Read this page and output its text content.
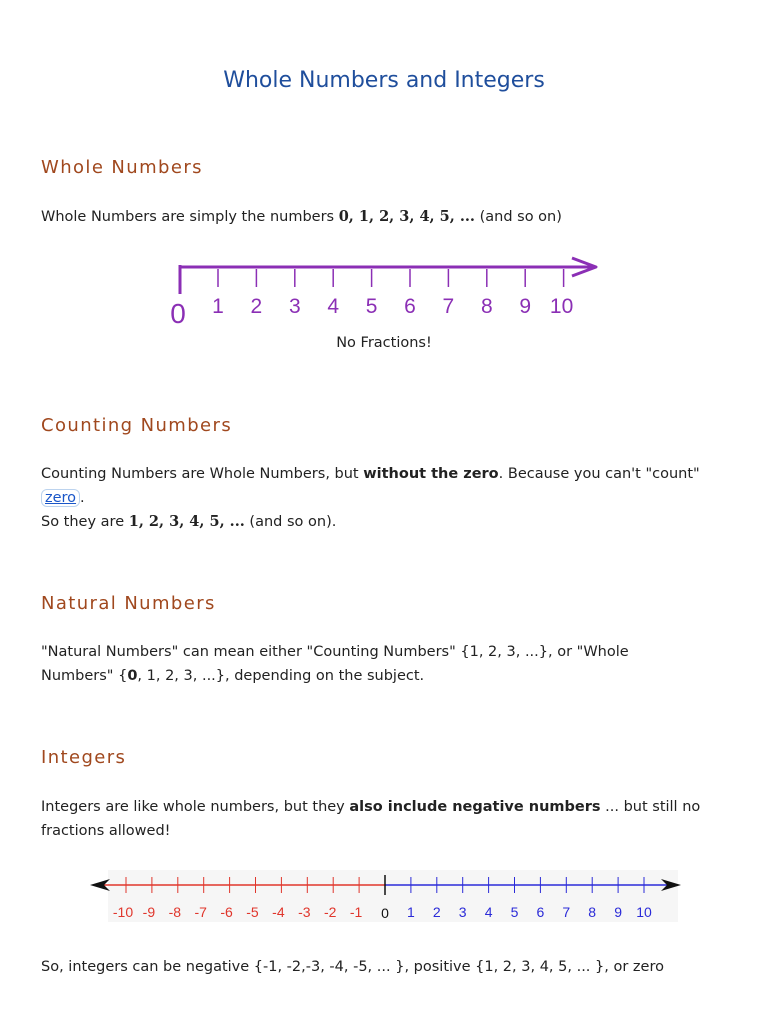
Whole Numbers and Integers
Whole Numbers

Whole Numbers are simply the numbers 0, 1, 2, 3, 4, 5, ... (and so on)

0 1 2 3 4 5 6 7 8 9 10

No Fractions!

Counting Numbers

Counting Numbers are Whole Numbers, but without the zero. Because you can't "count"
zero .
So they are 1, 2, 3, 4, 5, ... (and so on).

Natural Numbers

"Natural Numbers" can mean either "Counting Numbers" {1, 2, 3, ...}, or "Whole Numbers" {0, 1, 2, 3, ...}, depending on the subject.

Integers

Integers are like whole numbers, but they also include negative numbers ... but still no fractions allowed!

0
-10 -9 -8 -7 -6 -5 -4 -3 -2 -1	1 2 3 4 5 6 7 8 9 10

So, integers can be negative {-1, -2,-3, -4, -5, ... }, positive {1, 2, 3, 4, 5, ... }, or zero
